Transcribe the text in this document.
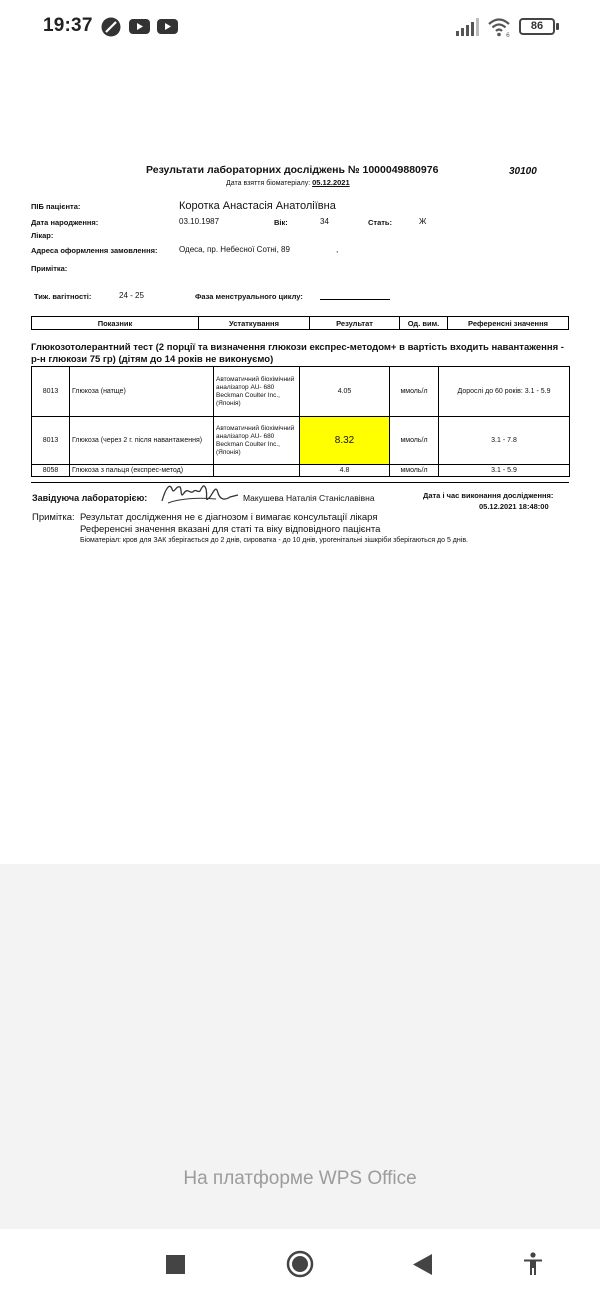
19:37	6
86
Результати лабораторних досліджень № 1000049880976	30100
Дата взяття біоматеріалу: 05.12.2021
ПІБ пацієнта:	Коротка Анастасія Анатоліївна
Дата народження:	03.10.1987	Вік:	34	Стать:	Ж
Лікар:
Адреса оформлення замовлення:	Одеса, пр. Небесної Сотні, 89	,
Примітка:
Тиж. вагітності:	24 - 25	Фаза менструального циклу:
Показник	Устаткування	Результат	Од. вим.	Референсні значення
Глюкозотолерантний тест (2 порції та визначення глюкози експрес-методом+ в вартість входить навантаження - р-н глюкози 75 гр) (дітям до 14 років не виконуємо)
8013	Глюкоза (натще)	Автоматичний біохімічний аналізатор AU- 680 Beckman Coulter Inc., (Японія)	4.05	ммоль/л	Дорослі до 60 років: 3.1 - 5.9
8013	Глюкоза (через 2 г. після навантаження)	Автоматичний біохімічний аналізатор AU- 680 Beckman Coulter Inc., (Японія)	8.32	ммоль/л	3.1 - 7.8
8058	Глюкоза з пальця (експрес-метод)		4.8	ммоль/л	3.1 - 5.9
Завідуюча лабораторією:	Макушева Наталія Станіславівна	Дата і час виконання дослідження:
05.12.2021 18:48:00
Примітка: Результат дослідження не є діагнозом і вимагає консультації лікаря
Референсні значення вказані для статі та віку відповідного пацієнта
Біоматеріал: кров для ЗАК зберігається до 2 днів, сироватка - до 10 днів, урогенітальні зішкріби зберігаються до 5 днів.
На платформе WPS Office
